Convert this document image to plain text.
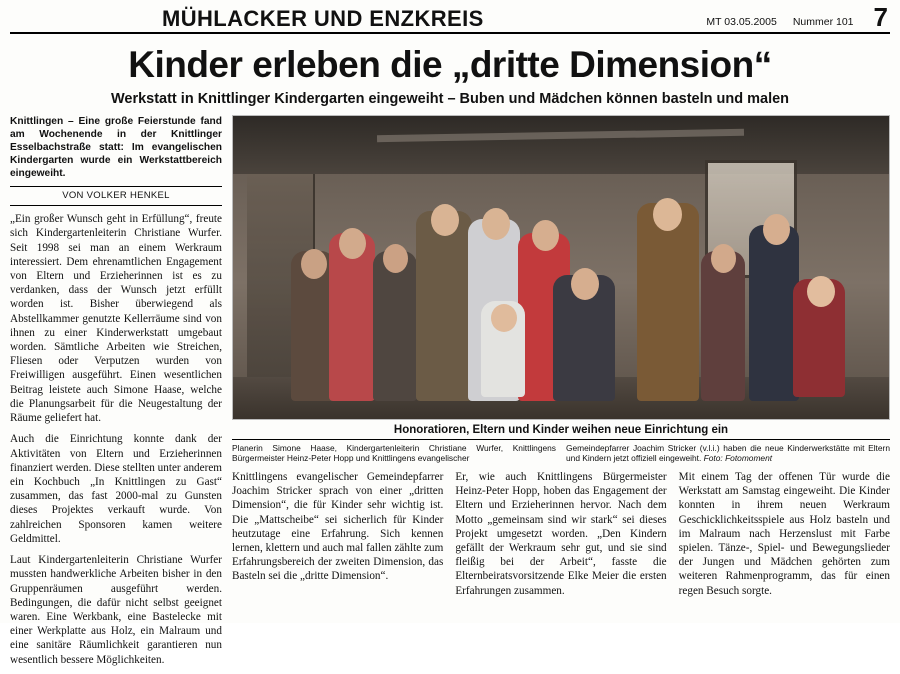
MÜHLACKER UND ENZKREIS	MT 03.05.2005 Nummer 101 7
Kinder erleben die „dritte Dimension“
Werkstatt in Knittlinger Kindergarten eingeweiht – Buben und Mädchen können basteln und malen
Knittlingen – Eine große Feierstunde fand am Wochenende in der Knittlinger Esselbachstraße statt: Im evangelischen Kindergarten wurde ein Werkstattbereich eingeweiht.
VON VOLKER HENKEL

„Ein großer Wunsch geht in Erfüllung“, freute sich Kindergartenleiterin Christiane Wurfer. Seit 1998 sei man an einem Werkraum interessiert. Dem ehrenamtlichen Engagement von Eltern und Erzieherinnen ist es zu verdanken, dass der Wunsch jetzt erfüllt worden ist. Bisher überwiegend als Abstellkammer genutzte Kellerräume sind von ihnen zu einer Kinderwerkstatt umgebaut worden. Sämtliche Arbeiten wie Streichen, Fliesen oder Verputzen wurden von Freiwilligen ausgeführt. Einen wesentlichen Beitrag leistete auch Simone Haase, welche die Planungsarbeit für die Neugestaltung der Räume geliefert hat.

Auch die Einrichtung konnte dank der Aktivitäten von Eltern und Erzieherinnen finanziert werden. Diese stellten unter anderem ein Kochbuch „In Knittlingen zu Gast“ zusammen, das fast 2000-mal zu Gunsten dieses Projektes verkauft wurde. Von zahlreichen Sponsoren kamen weitere Geldmittel.

Laut Kindergartenleiterin Christiane Wurfer mussten handwerkliche Arbeiten bisher in den Gruppenräumen ausgeführt werden. Bedingungen, die dafür nicht selbst geeignet waren. Eine Werkbank, eine Bastelecke mit einer Werkplatte aus Holz, ein Malraum und eine sanitäre Räumlichkeit garantieren nun wesentlich bessere Möglichkeiten.

Honoratioren, Eltern und Kinder weihen neue Einrichtung ein
Planerin Simone Haase, Kindergartenleiterin Christiane Wurfer, Knittlingens Bürgermeister Heinz-Peter Hopp und Knittlingens evangelischer
Gemeindepfarrer Joachim Stricker (v.l.i.) haben die neue Kinderwerkstätte mit Eltern und Kindern jetzt offiziell eingeweiht. Foto: Fotomoment

Knittlingens evangelischer Gemeindepfarrer Joachim Stricker sprach von einer „dritten Dimension“, die für Kinder sehr wichtig ist. Die „Mattscheibe“ sei sicherlich für Kinder heutzutage eine Erfahrung. Sich kennen lernen, klettern und auch mal fallen zählte zum Erfahrungsbereich der zweiten Dimension, das Basteln sei die „dritte Dimension“.

Er, wie auch Knittlingens Bürgermeister Heinz-Peter Hopp, hoben das Engagement der Eltern und Erzieherinnen hervor. Nach dem Motto „gemeinsam sind wir stark“ sei dieses Projekt umgesetzt worden. „Den Kindern gefällt der Werkraum sehr gut, und sie sind fleißig bei der Arbeit“, fasste die Elternbeiratsvorsitzende Elke Meier die ersten Erfahrungen zusammen.

Mit einem Tag der offenen Tür wurde die Werkstatt am Samstag eingeweiht. Die Kinder konnten in ihrem neuen Werkraum Geschicklichkeitsspiele aus Holz basteln und im Malraum nach Herzenslust mit Farbe spielen. Tänze-, Spiel- und Bewegungslieder der Jungen und Mädchen gehörten zum weiteren Rahmenprogramm, das für einen regen Besuch sorgte.
